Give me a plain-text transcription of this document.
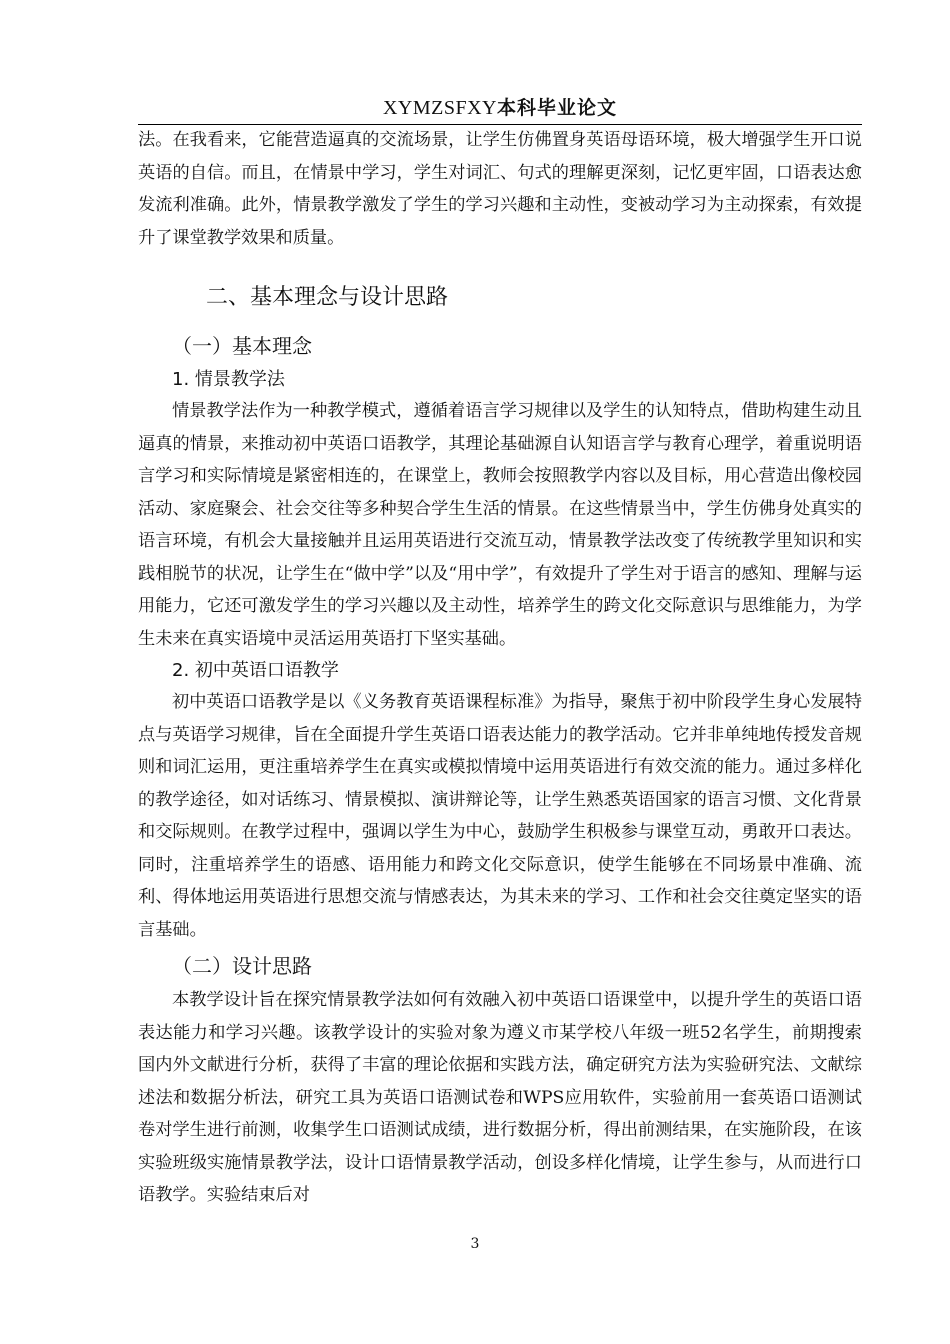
XYMZSFXY本科毕业论文

法。在我看来，它能营造逼真的交流场景，让学生仿佛置身英语母语环境，极大增强学生开口说英语的自信。而且，在情景中学习，学生对词汇、句式的理解更深刻，记忆更牢固，口语表达愈发流利准确。此外，情景教学激发了学生的学习兴趣和主动性，变被动学习为主动探索，有效提升了课堂教学效果和质量。

二、基本理念与设计思路
（一）基本理念
1. 情景教学法

情景教学法作为一种教学模式，遵循着语言学习规律以及学生的认知特点，借助构建生动且逼真的情景，来推动初中英语口语教学，其理论基础源自认知语言学与教育心理学，着重说明语言学习和实际情境是紧密相连的，在课堂上，教师会按照教学内容以及目标，用心营造出像校园活动、家庭聚会、社会交往等多种契合学生生活的情景。在这些情景当中，学生仿佛身处真实的语言环境，有机会大量接触并且运用英语进行交流互动，情景教学法改变了传统教学里知识和实践相脱节的状况，让学生在“做中学”以及“用中学”，有效提升了学生对于语言的感知、理解与运用能力，它还可激发学生的学习兴趣以及主动性，培养学生的跨文化交际意识与思维能力，为学生未来在真实语境中灵活运用英语打下坚实基础。

2. 初中英语口语教学

初中英语口语教学是以《义务教育英语课程标准》为指导，聚焦于初中阶段学生身心发展特点与英语学习规律，旨在全面提升学生英语口语表达能力的教学活动。它并非单纯地传授发音规则和词汇运用，更注重培养学生在真实或模拟情境中运用英语进行有效交流的能力。通过多样化的教学途径，如对话练习、情景模拟、演讲辩论等，让学生熟悉英语国家的语言习惯、文化背景和交际规则。在教学过程中，强调以学生为中心，鼓励学生积极参与课堂互动，勇敢开口表达。同时，注重培养学生的语感、语用能力和跨文化交际意识，使学生能够在不同场景中准确、流利、得体地运用英语进行思想交流与情感表达，为其未来的学习、工作和社会交往奠定坚实的语言基础。

（二）设计思路

本教学设计旨在探究情景教学法如何有效融入初中英语口语课堂中，以提升学生的英语口语表达能力和学习兴趣。该教学设计的实验对象为遵义市某学校八年级一班52名学生，前期搜索国内外文献进行分析，获得了丰富的理论依据和实践方法，确定研究方法为实验研究法、文献综述法和数据分析法，研究工具为英语口语测试卷和WPS应用软件，实验前用一套英语口语测试卷对学生进行前测，收集学生口语测试成绩，进行数据分析，得出前测结果，在实施阶段，在该实验班级实施情景教学法，设计口语情景教学活动，创设多样化情境，让学生参与，从而进行口语教学。实验结束后对

3
